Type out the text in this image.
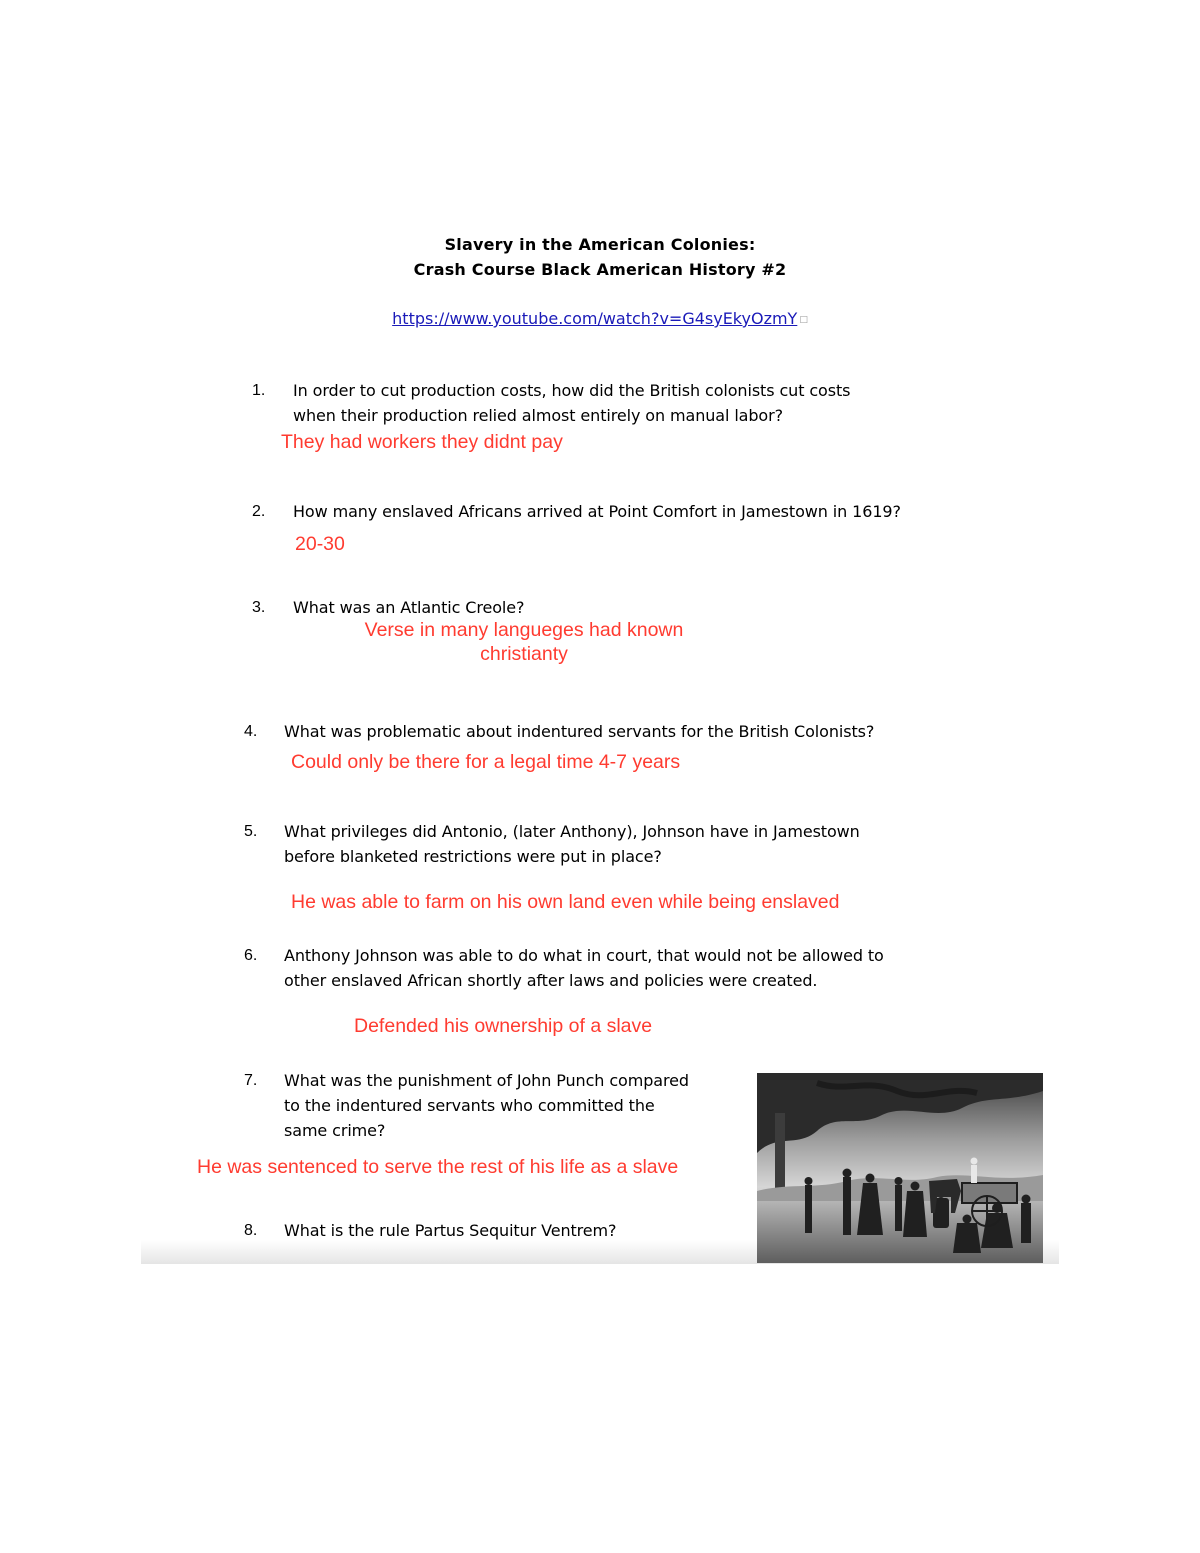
Slavery in the American Colonies:
Crash Course Black American History #2
https://www.youtube.com/watch?v=G4syEkyOzmY □
1. In order to cut production costs, how did the British colonists cut costs
when their production relied almost entirely on manual labor?
They had workers they didnt pay
2. How many enslaved Africans arrived at Point Comfort in Jamestown in 1619?
20-30
3. What was an Atlantic Creole?
Verse in many langueges had known
christianty
4. What was problematic about indentured servants for the British Colonists?
Could only be there for a legal time 4-7 years
5. What privileges did Antonio, (later Anthony), Johnson have in Jamestown
before blanketed restrictions were put in place?
He was able to farm on his own land even while being enslaved
6. Anthony Johnson was able to do what in court, that would not be allowed to
other enslaved African shortly after laws and policies were created.
Defended his ownership of a slave
7. What was the punishment of John Punch compared
to the indentured servants who committed the
same crime?
He was sentenced to serve the rest of his life as a slave
8. What is the rule Partus Sequitur Ventrem?
